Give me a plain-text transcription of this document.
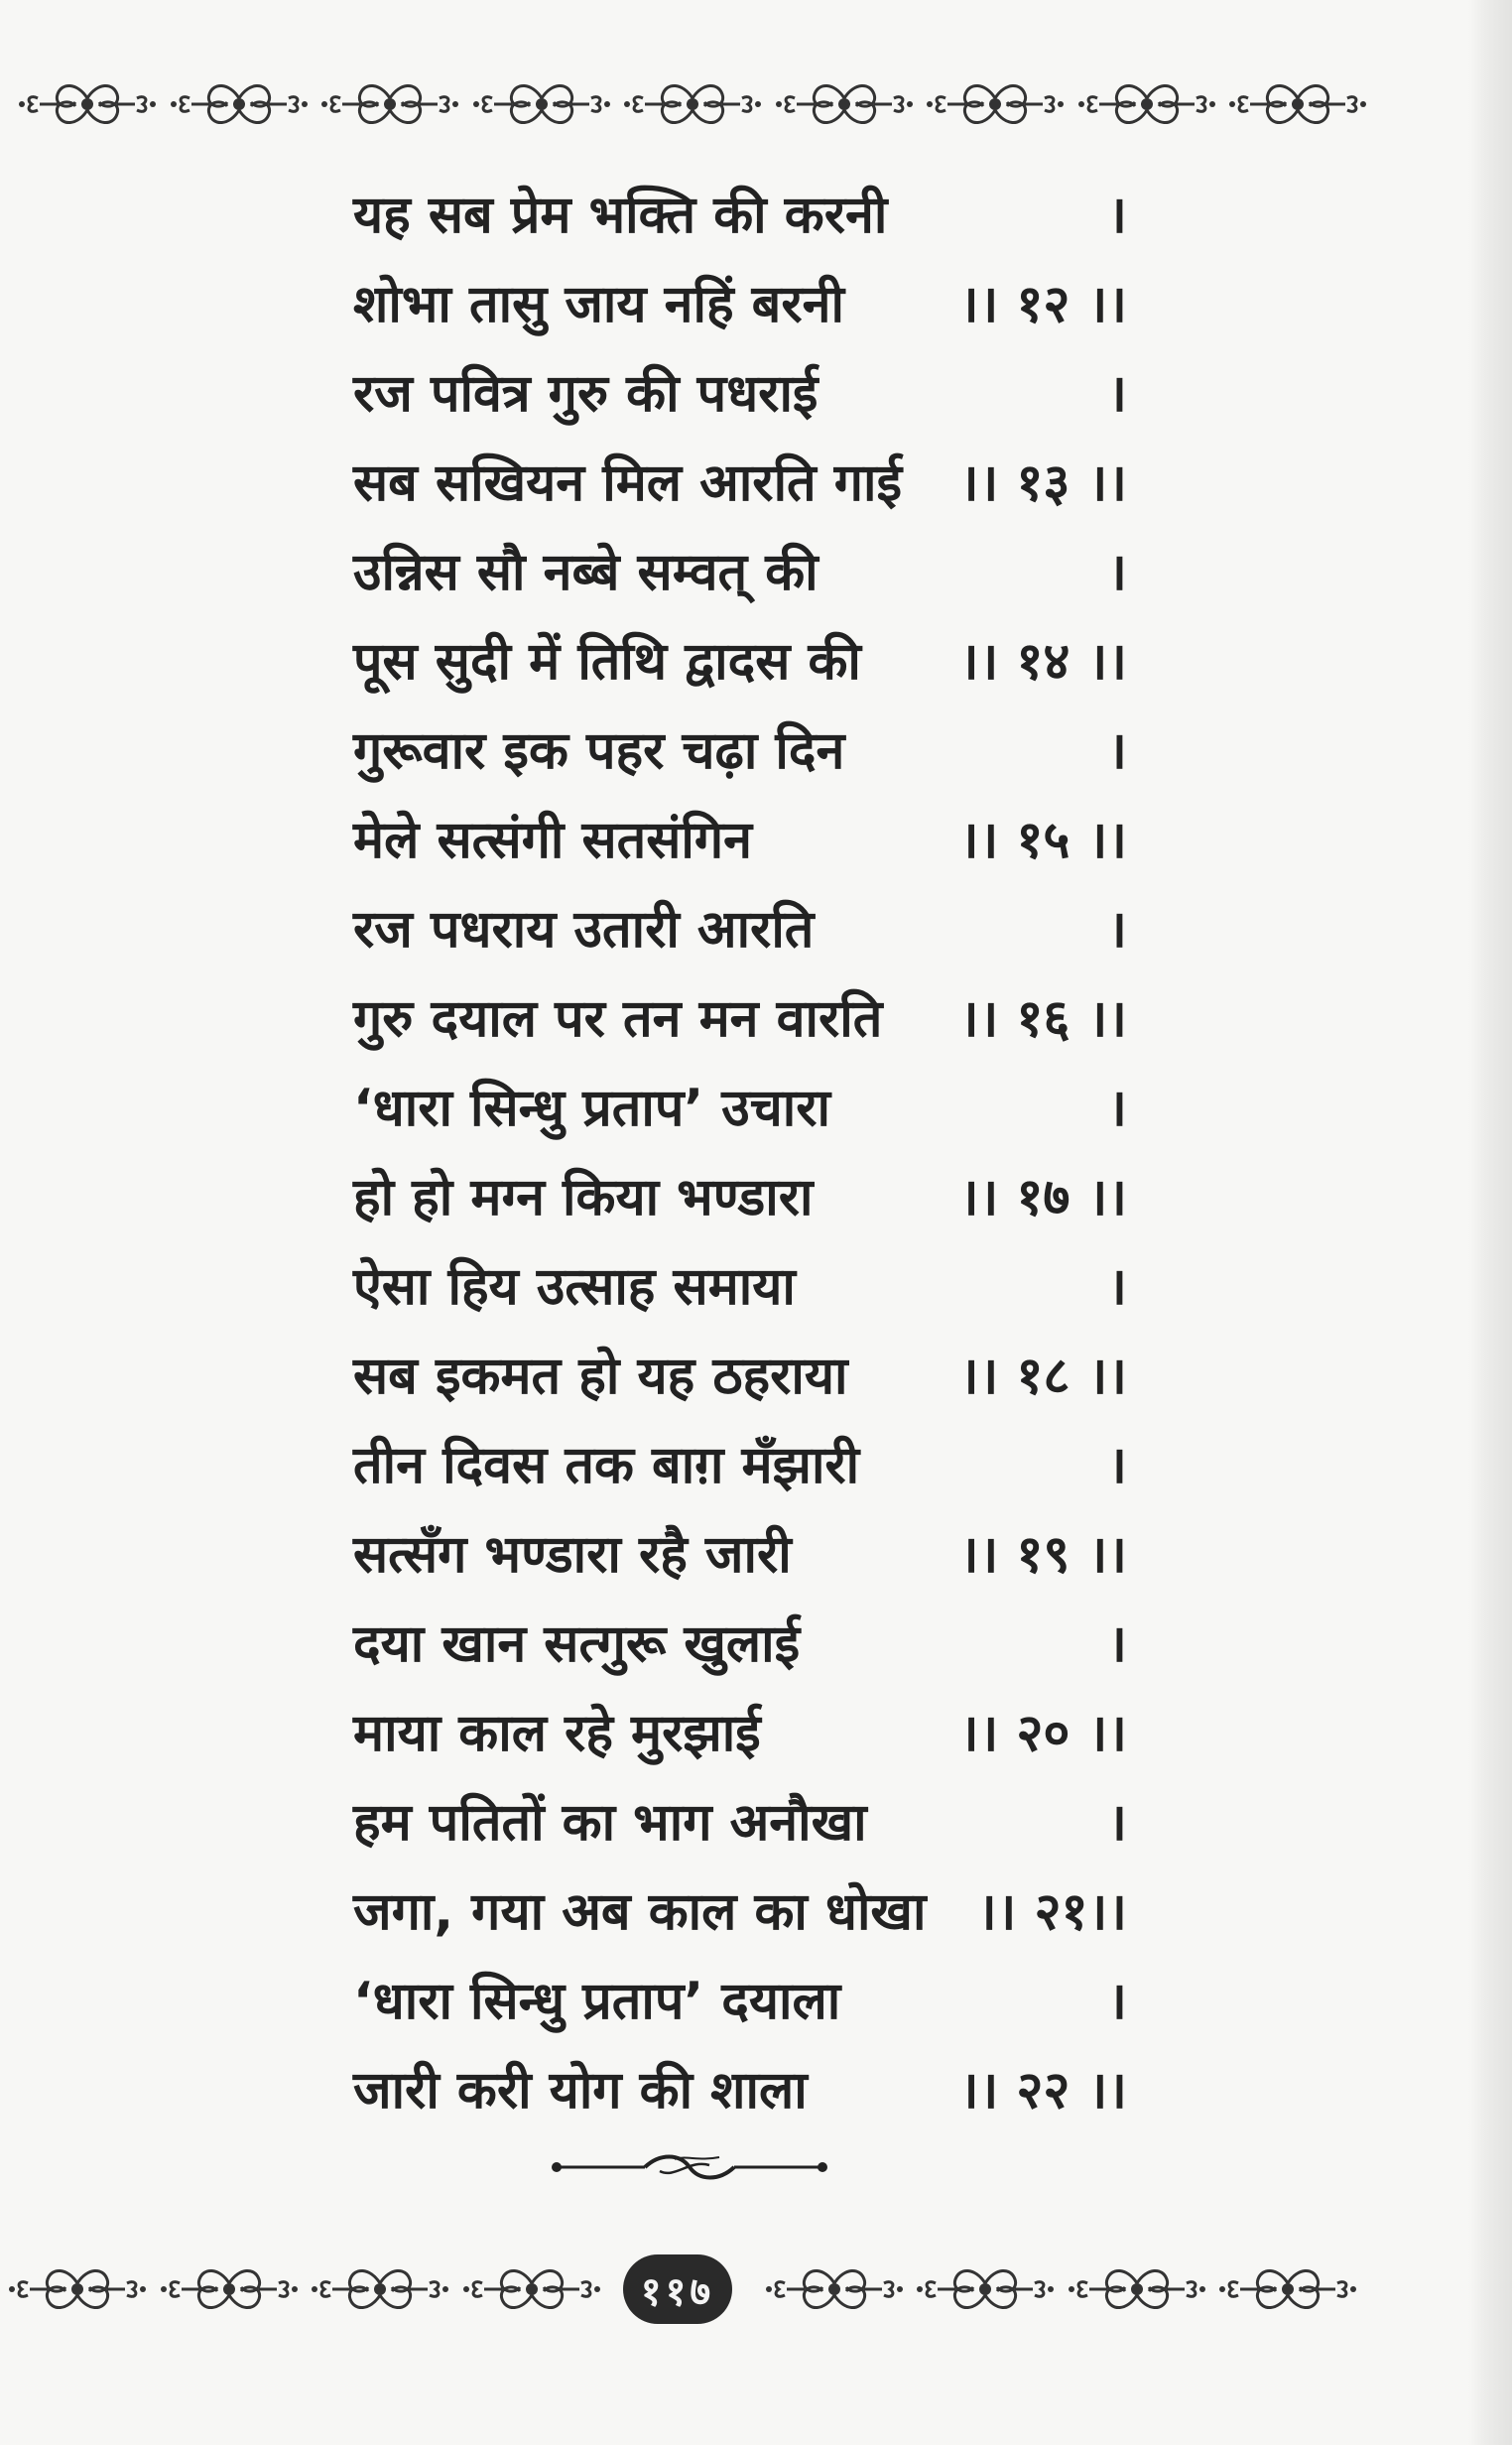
यह सब प्रेम भक्ति की करनी	।
शोभा तासु जाय नहिं बरनी ।। १२ ।।
रज पवित्र गुरु की पधराई	।
सब सखियन मिल आरति गाई ।। १३ ।।
उन्निस सौ नब्बे सम्वत् की	।
पूस सुदी में तिथि द्वादस की ।। १४ ।।
गुरूवार इक पहर चढ़ा दिन	।
मेले सत्संगी सतसंगिन	।। १५ ।।
रज पधराय उतारी आरति	।
गुरु दयाल पर तन मन वारति ।। १६ ।।
‘धारा सिन्धु प्रताप’ उचारा	।
हो हो मग्न किया भण्डारा	।। १७ ।।
ऐसा हिय उत्साह समाया	।
सब इकमत हो यह ठहराया ।। १८ ।।
तीन दिवस तक बाग़ मँझारी	।
सत्सँग भण्डारा रहै जारी	।। १९ ।।
दया खान सत्गुरू खुलाई	।
माया काल रहे मुरझाई	।। २० ।।
हम पतितों का भाग अनौखा	।
जगा, गया अब काल का धोखा ।। २१।।
‘धारा सिन्धु प्रताप’ दयाला	।
जारी करी योग की शाला	।। २२ ।।
११७
